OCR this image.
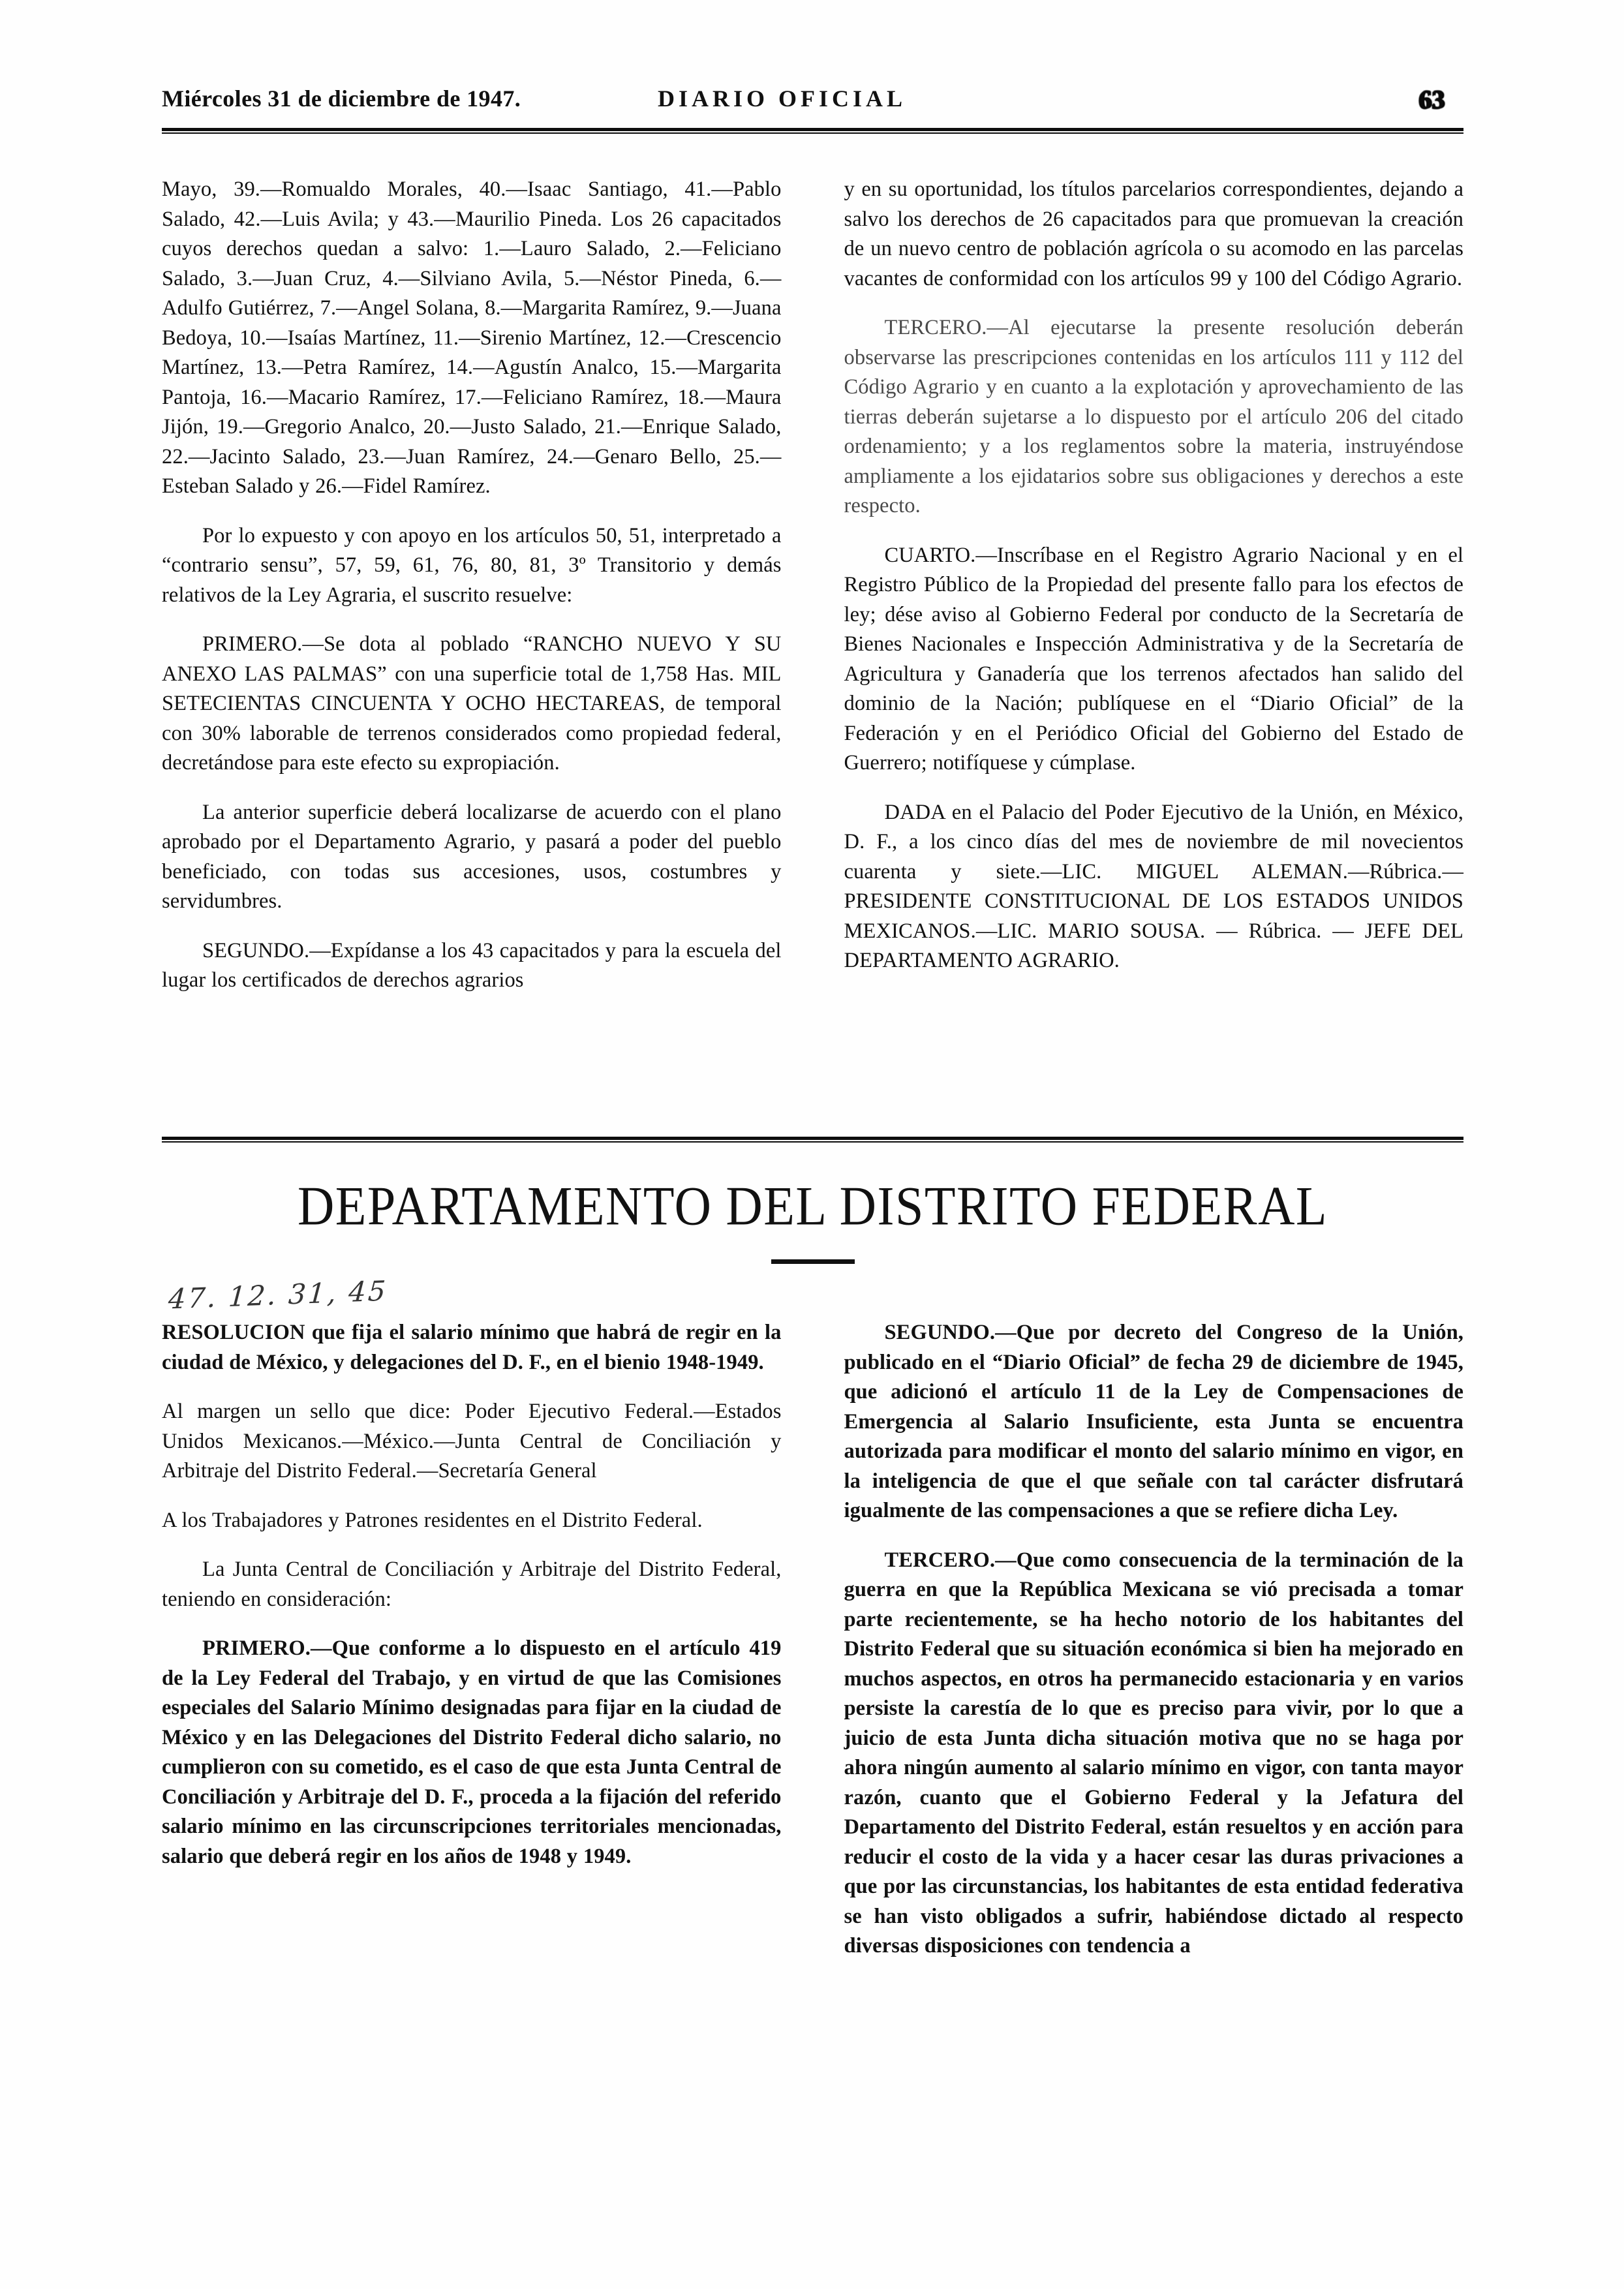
Miércoles 31 de diciembre de 1947.	DIARIO OFICIAL	63

Mayo, 39.—Romualdo Morales, 40.—Isaac Santiago, 41.—Pablo Salado, 42.—Luis Avila; y 43.—Maurilio Pineda. Los 26 capacitados cuyos derechos quedan a salvo: 1.—Lauro Salado, 2.—Feliciano Salado, 3.—Juan Cruz, 4.—Silviano Avila, 5.—Néstor Pineda, 6.—Adulfo Gutiérrez, 7.—Angel Solana, 8.—Margarita Ramírez, 9.—Juana Bedoya, 10.—Isaías Martínez, 11.—Sirenio Martínez, 12.—Crescencio Martínez, 13.—Petra Ramírez, 14.—Agustín Analco, 15.—Margarita Pantoja, 16.—Macario Ramírez, 17.—Feliciano Ramírez, 18.—Maura Jijón, 19.—Gregorio Analco, 20.—Justo Salado, 21.—Enrique Salado, 22.—Jacinto Salado, 23.—Juan Ramírez, 24.—Genaro Bello, 25.—Esteban Salado y 26.—Fidel Ramírez.

Por lo expuesto y con apoyo en los artículos 50, 51, interpretado a “contrario sensu”, 57, 59, 61, 76, 80, 81, 3º Transitorio y demás relativos de la Ley Agraria, el suscrito resuelve:

PRIMERO.—Se dota al poblado “RANCHO NUEVO Y SU ANEXO LAS PALMAS” con una superficie total de 1,758 Has. MIL SETECIENTAS CINCUENTA Y OCHO HECTAREAS, de temporal con 30% laborable de terrenos considerados como propiedad federal, decretándose para este efecto su expropiación.

La anterior superficie deberá localizarse de acuerdo con el plano aprobado por el Departamento Agrario, y pasará a poder del pueblo beneficiado, con todas sus accesiones, usos, costumbres y servidumbres.

SEGUNDO.—Expídanse a los 43 capacitados y para la escuela del lugar los certificados de derechos agrarios

y en su oportunidad, los títulos parcelarios correspondientes, dejando a salvo los derechos de 26 capacitados para que promuevan la creación de un nuevo centro de población agrícola o su acomodo en las parcelas vacantes de conformidad con los artículos 99 y 100 del Código Agrario.

TERCERO.—Al ejecutarse la presente resolución deberán observarse las prescripciones contenidas en los artículos 111 y 112 del Código Agrario y en cuanto a la explotación y aprovechamiento de las tierras deberán sujetarse a lo dispuesto por el artículo 206 del citado ordenamiento; y a los reglamentos sobre la materia, instruyéndose ampliamente a los ejidatarios sobre sus obligaciones y derechos a este respecto.

CUARTO.—Inscríbase en el Registro Agrario Nacional y en el Registro Público de la Propiedad del presente fallo para los efectos de ley; dése aviso al Gobierno Federal por conducto de la Secretaría de Bienes Nacionales e Inspección Administrativa y de la Secretaría de Agricultura y Ganadería que los terrenos afectados han salido del dominio de la Nación; publíquese en el “Diario Oficial” de la Federación y en el Periódico Oficial del Gobierno del Estado de Guerrero; notifíquese y cúmplase.

DADA en el Palacio del Poder Ejecutivo de la Unión, en México, D. F., a los cinco días del mes de noviembre de mil novecientos cuarenta y siete.—LIC. MIGUEL ALEMAN.—Rúbrica.—PRESIDENTE CONSTITUCIONAL DE LOS ESTADOS UNIDOS MEXICANOS.—LIC. MARIO SOUSA. — Rúbrica. — JEFE DEL DEPARTAMENTO AGRARIO.

DEPARTAMENTO DEL DISTRITO FEDERAL
47. 12. 31, 45

RESOLUCION que fija el salario mínimo que habrá de regir en la ciudad de México, y delegaciones del D. F., en el bienio 1948-1949.

Al margen un sello que dice: Poder Ejecutivo Federal.—Estados Unidos Mexicanos.—México.—Junta Central de Conciliación y Arbitraje del Distrito Federal.—Secretaría General

A los Trabajadores y Patrones residentes en el Distrito Federal.

La Junta Central de Conciliación y Arbitraje del Distrito Federal, teniendo en consideración:

PRIMERO.—Que conforme a lo dispuesto en el artículo 419 de la Ley Federal del Trabajo, y en virtud de que las Comisiones especiales del Salario Mínimo designadas para fijar en la ciudad de México y en las Delegaciones del Distrito Federal dicho salario, no cumplieron con su cometido, es el caso de que esta Junta Central de Conciliación y Arbitraje del D. F., proceda a la fijación del referido salario mínimo en las circunscripciones territoriales mencionadas, salario que deberá regir en los años de 1948 y 1949.

SEGUNDO.—Que por decreto del Congreso de la Unión, publicado en el “Diario Oficial” de fecha 29 de diciembre de 1945, que adicionó el artículo 11 de la Ley de Compensaciones de Emergencia al Salario Insuficiente, esta Junta se encuentra autorizada para modificar el monto del salario mínimo en vigor, en la inteligencia de que el que señale con tal carácter disfrutará igualmente de las compensaciones a que se refiere dicha Ley.

TERCERO.—Que como consecuencia de la terminación de la guerra en que la República Mexicana se vió precisada a tomar parte recientemente, se ha hecho notorio de los habitantes del Distrito Federal que su situación económica si bien ha mejorado en muchos aspectos, en otros ha permanecido estacionaria y en varios persiste la carestía de lo que es preciso para vivir, por lo que a juicio de esta Junta dicha situación motiva que no se haga por ahora ningún aumento al salario mínimo en vigor, con tanta mayor razón, cuanto que el Gobierno Federal y la Jefatura del Departamento del Distrito Federal, están resueltos y en acción para reducir el costo de la vida y a hacer cesar las duras privaciones a que por las circunstancias, los habitantes de esta entidad federativa se han visto obligados a sufrir, habiéndose dictado al respecto diversas disposiciones con tendencia a
